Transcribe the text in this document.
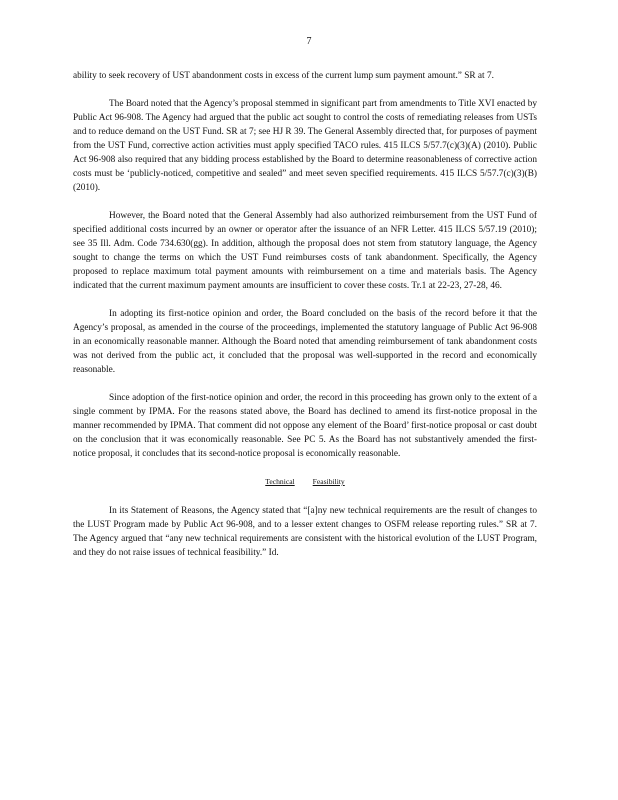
7

ability to seek recovery of UST abandonment costs in excess of the current lump sum payment amount.” SR at 7.

The Board noted that the Agency’s proposal stemmed in significant part from amendments to Title XVI enacted by Public Act 96-908. The Agency had argued that the public act sought to control the costs of remediating releases from USTs and to reduce demand on the UST Fund. SR at 7; see HJ R 39. The General Assembly directed that, for purposes of payment from the UST Fund, corrective action activities must apply specified TACO rules. 415 ILCS 5/57.7(c)(3)(A) (2010). Public Act 96-908 also required that any bidding process established by the Board to determine reasonableness of corrective action costs must be ‘publicly-noticed, competitive and sealed” and meet seven specified requirements. 415 ILCS 5/57.7(c)(3)(B) (2010).

However, the Board noted that the General Assembly had also authorized reimbursement from the UST Fund of specified additional costs incurred by an owner or operator after the issuance of an NFR Letter. 415 ILCS 5/57.19 (2010); see 35 Ill. Adm. Code 734.630(gg). In addition, although the proposal does not stem from statutory language, the Agency sought to change the terms on which the UST Fund reimburses costs of tank abandonment. Specifically, the Agency proposed to replace maximum total payment amounts with reimbursement on a time and materials basis. The Agency indicated that the current maximum payment amounts are insufficient to cover these costs. Tr.1 at 22-23, 27-28, 46.

In adopting its first-notice opinion and order, the Board concluded on the basis of the record before it that the Agency’s proposal, as amended in the course of the proceedings, implemented the statutory language of Public Act 96-908 in an economically reasonable manner. Although the Board noted that amending reimbursement of tank abandonment costs was not derived from the public act, it concluded that the proposal was well-supported in the record and economically reasonable.

Since adoption of the first-notice opinion and order, the record in this proceeding has grown only to the extent of a single comment by IPMA. For the reasons stated above, the Board has declined to amend its first-notice proposal in the manner recommended by IPMA. That comment did not oppose any element of the Board’ first-notice proposal or cast doubt on the conclusion that it was economically reasonable. See PC 5. As the Board has not substantively amended the first-notice proposal, it concludes that its second-notice proposal is economically reasonable.

Technical Feasibility

In its Statement of Reasons, the Agency stated that “[a]ny new technical requirements are the result of changes to the LUST Program made by Public Act 96-908, and to a lesser extent changes to OSFM release reporting rules.” SR at 7. The Agency argued that “any new technical requirements are consistent with the historical evolution of the LUST Program, and they do not raise issues of technical feasibility.” Id.
